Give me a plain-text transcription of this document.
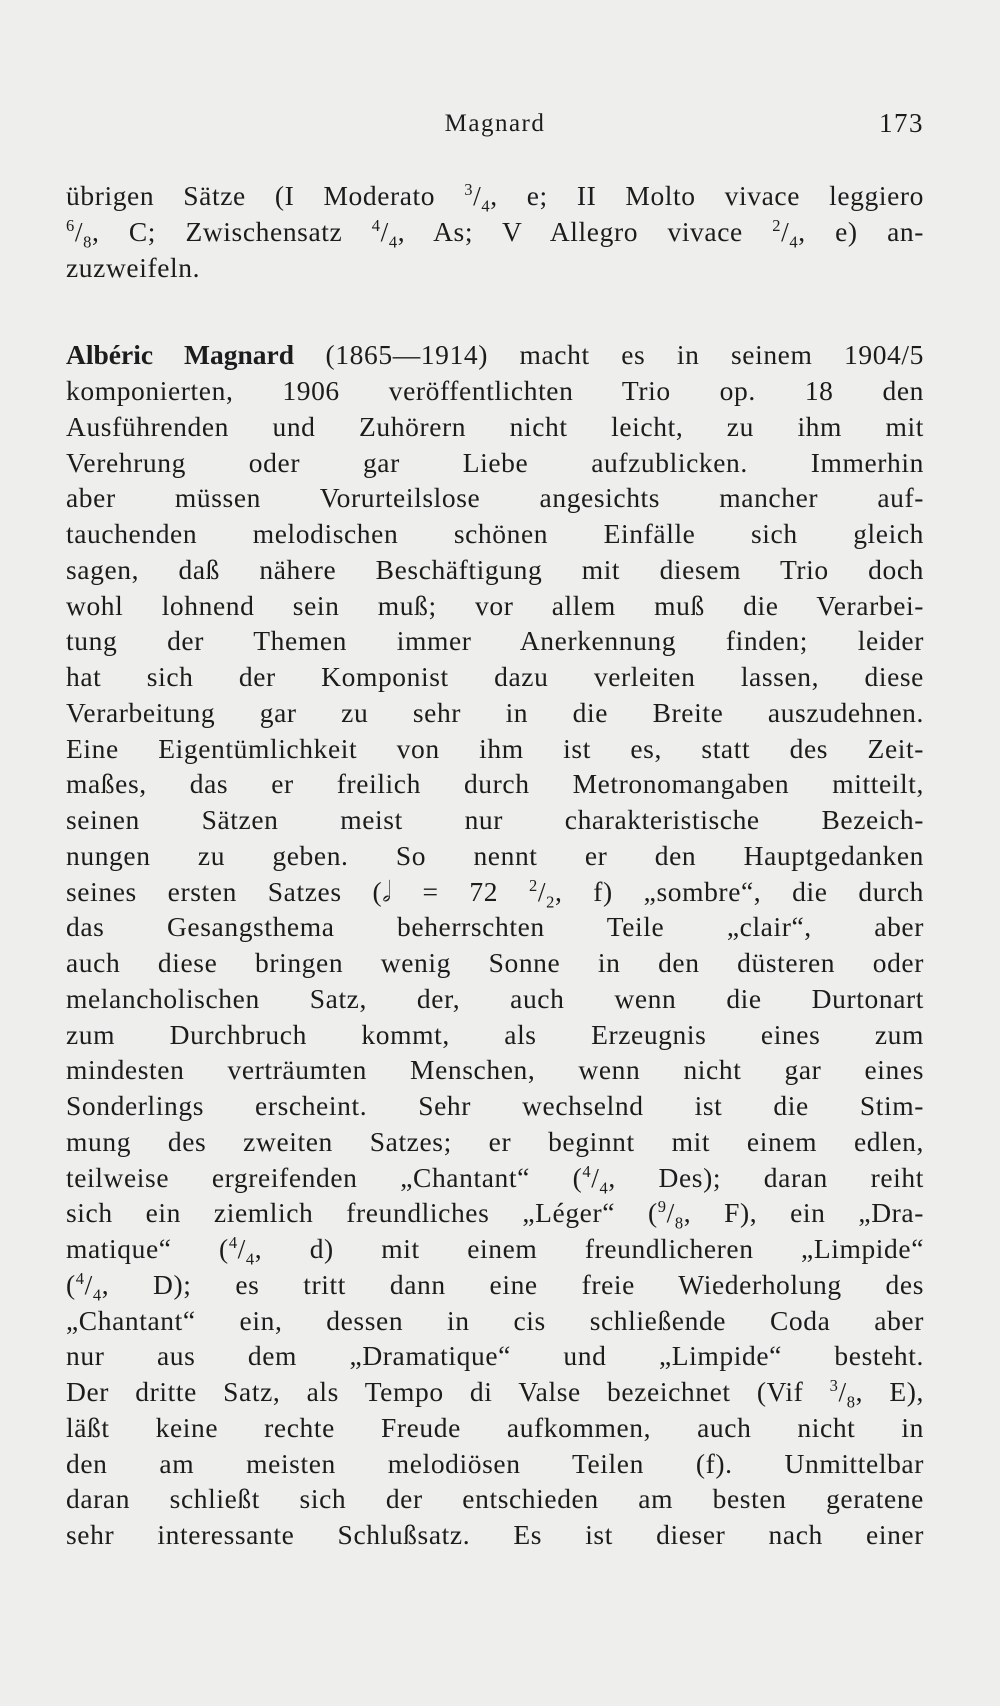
Magnard	173
übrigen Sätze (I Moderato $^3/_4$, e; II Molto vivace leggiero
$^6/_8$, C; Zwischensatz $^4/_4$, As; V Allegro vivace $^2/_4$, e) an-
zuzweifeln.
Albéric Magnard (1865—1914) macht es in seinem 1904/5
komponierten, 1906 veröffentlichten Trio op. 18 den
Ausführenden und Zuhörern nicht leicht, zu ihm mit
Verehrung oder gar Liebe aufzublicken. Immerhin
aber müssen Vorurteilslose angesichts mancher auf-
tauchenden melodischen schönen Einfälle sich gleich
sagen, daß nähere Beschäftigung mit diesem Trio doch
wohl lohnend sein muß; vor allem muß die Verarbei-
tung der Themen immer Anerkennung finden; leider
hat sich der Komponist dazu verleiten lassen, diese
Verarbeitung gar zu sehr in die Breite auszudehnen.
Eine Eigentümlichkeit von ihm ist es, statt des Zeit-
maßes, das er freilich durch Metronomangaben mitteilt,
seinen Sätzen meist nur charakteristische Bezeich-
nungen zu geben. So nennt er den Hauptgedanken
seines ersten Satzes (𝅗𝅥 = 72 $^2/_2$, f) „sombre“, die durch
das Gesangsthema beherrschten Teile „clair“, aber
auch diese bringen wenig Sonne in den düsteren oder
melancholischen Satz, der, auch wenn die Durtonart
zum Durchbruch kommt, als Erzeugnis eines zum
mindesten verträumten Menschen, wenn nicht gar eines
Sonderlings erscheint. Sehr wechselnd ist die Stim-
mung des zweiten Satzes; er beginnt mit einem edlen,
teilweise ergreifenden „Chantant“ ($^4/_4$, Des); daran reiht
sich ein ziemlich freundliches „Léger“ ($^9/_8$, F), ein „Dra-
matique“ ($^4/_4$, d) mit einem freundlicheren „Limpide“
($^4/_4$, D); es tritt dann eine freie Wiederholung des
„Chantant“ ein, dessen in cis schließende Coda aber
nur aus dem „Dramatique“ und „Limpide“ besteht.
Der dritte Satz, als Tempo di Valse bezeichnet (Vif $^3/_8$, E),
läßt keine rechte Freude aufkommen, auch nicht in
den am meisten melodiösen Teilen (f). Unmittelbar
daran schließt sich der entschieden am besten geratene
sehr interessante Schlußsatz. Es ist dieser nach einer
